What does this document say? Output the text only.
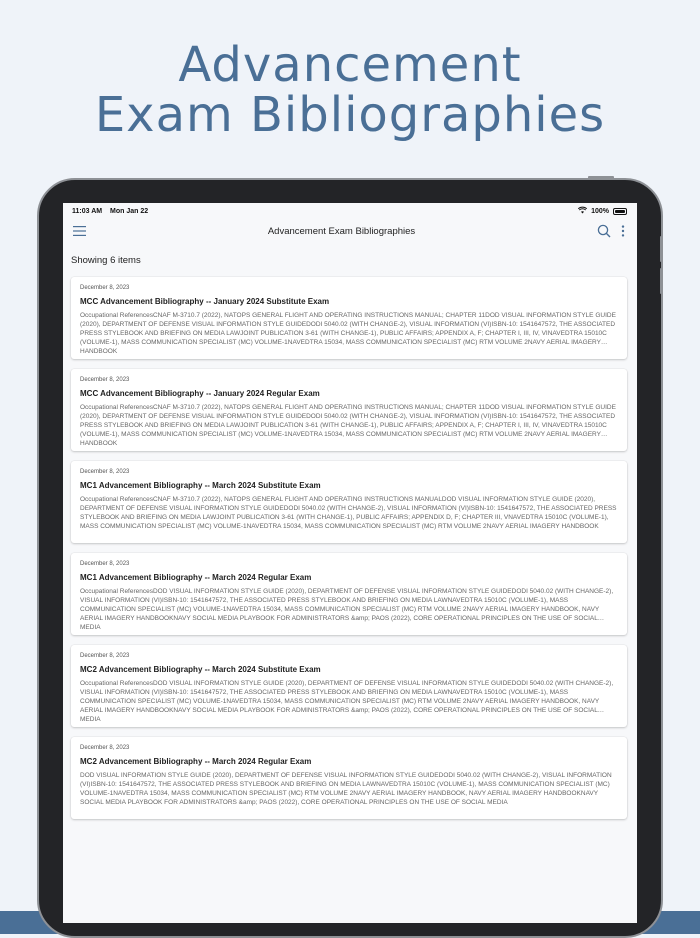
Advancement
Exam Bibliographies
11:03 AM Mon Jan 22	100%
Advancement Exam Bibliographies
Showing 6 items
December 8, 2023
MCC Advancement Bibliography -- January 2024 Substitute Exam
Occupational ReferencesCNAF M-3710.7 (2022), NATOPS GENERAL FLIGHT AND OPERATING INSTRUCTIONS MANUAL; CHAPTER 11DOD VISUAL INFORMATION STYLE GUIDE (2020), DEPARTMENT OF DEFENSE VISUAL INFORMATION STYLE GUIDEDODI 5040.02 (WITH CHANGE-2), VISUAL INFORMATION (VI)ISBN-10: 1541647572, THE ASSOCIATED PRESS STYLEBOOK AND BRIEFING ON MEDIA LAWJOINT PUBLICATION 3-61 (WITH CHANGE-1), PUBLIC AFFAIRS; APPENDIX A, F; CHAPTER I, III, IV, VINAVEDTRA 15010C (VOLUME-1), MASS COMMUNICATION SPECIALIST (MC) VOLUME-1NAVEDTRA 15034, MASS COMMUNICATION SPECIALIST (MC) RTM VOLUME 2NAVY AERIAL IMAGERY HANDBOOK
December 8, 2023
MCC Advancement Bibliography -- January 2024 Regular Exam
Occupational ReferencesCNAF M-3710.7 (2022), NATOPS GENERAL FLIGHT AND OPERATING INSTRUCTIONS MANUAL; CHAPTER 11DOD VISUAL INFORMATION STYLE GUIDE (2020), DEPARTMENT OF DEFENSE VISUAL INFORMATION STYLE GUIDEDODI 5040.02 (WITH CHANGE-2), VISUAL INFORMATION (VI)ISBN-10: 1541647572, THE ASSOCIATED PRESS STYLEBOOK AND BRIEFING ON MEDIA LAWJOINT PUBLICATION 3-61 (WITH CHANGE-1), PUBLIC AFFAIRS; APPENDIX A, F; CHAPTER I, III, IV, VINAVEDTRA 15010C (VOLUME-1), MASS COMMUNICATION SPECIALIST (MC) VOLUME-1NAVEDTRA 15034, MASS COMMUNICATION SPECIALIST (MC) RTM VOLUME 2NAVY AERIAL IMAGERY HANDBOOK
December 8, 2023
MC1 Advancement Bibliography -- March 2024 Substitute Exam
Occupational ReferencesCNAF M-3710.7 (2022), NATOPS GENERAL FLIGHT AND OPERATING INSTRUCTIONS MANUALDOD VISUAL INFORMATION STYLE GUIDE (2020), DEPARTMENT OF DEFENSE VISUAL INFORMATION STYLE GUIDEDODI 5040.02 (WITH CHANGE-2), VISUAL INFORMATION (VI)ISBN-10: 1541647572, THE ASSOCIATED PRESS STYLEBOOK AND BRIEFING ON MEDIA LAWJOINT PUBLICATION 3-61 (WITH CHANGE-1), PUBLIC AFFAIRS; APPENDIX D, F; CHAPTER III, VNAVEDTRA 15010C (VOLUME-1), MASS COMMUNICATION SPECIALIST (MC) VOLUME-1NAVEDTRA 15034, MASS COMMUNICATION SPECIALIST (MC) RTM VOLUME 2NAVY AERIAL IMAGERY HANDBOOK
December 8, 2023
MC1 Advancement Bibliography -- March 2024 Regular Exam
Occupational ReferencesDOD VISUAL INFORMATION STYLE GUIDE (2020), DEPARTMENT OF DEFENSE VISUAL INFORMATION STYLE GUIDEDODI 5040.02 (WITH CHANGE-2), VISUAL INFORMATION (VI)ISBN-10: 1541647572, THE ASSOCIATED PRESS STYLEBOOK AND BRIEFING ON MEDIA LAWNAVEDTRA 15010C (VOLUME-1), MASS COMMUNICATION SPECIALIST (MC) VOLUME-1NAVEDTRA 15034, MASS COMMUNICATION SPECIALIST (MC) RTM VOLUME 2NAVY AERIAL IMAGERY HANDBOOK, NAVY AERIAL IMAGERY HANDBOOKNAVY SOCIAL MEDIA PLAYBOOK FOR ADMINISTRATORS &amp; PAOS (2022), CORE OPERATIONAL PRINCIPLES ON THE USE OF SOCIAL MEDIA
December 8, 2023
MC2 Advancement Bibliography -- March 2024 Substitute Exam
Occupational ReferencesDOD VISUAL INFORMATION STYLE GUIDE (2020), DEPARTMENT OF DEFENSE VISUAL INFORMATION STYLE GUIDEDODI 5040.02 (WITH CHANGE-2), VISUAL INFORMATION (VI)ISBN-10: 1541647572, THE ASSOCIATED PRESS STYLEBOOK AND BRIEFING ON MEDIA LAWNAVEDTRA 15010C (VOLUME-1), MASS COMMUNICATION SPECIALIST (MC) VOLUME-1NAVEDTRA 15034, MASS COMMUNICATION SPECIALIST (MC) RTM VOLUME 2NAVY AERIAL IMAGERY HANDBOOK, NAVY AERIAL IMAGERY HANDBOOKNAVY SOCIAL MEDIA PLAYBOOK FOR ADMINISTRATORS &amp; PAOS (2022), CORE OPERATIONAL PRINCIPLES ON THE USE OF SOCIAL MEDIA
December 8, 2023
MC2 Advancement Bibliography -- March 2024 Regular Exam
DOD VISUAL INFORMATION STYLE GUIDE (2020), DEPARTMENT OF DEFENSE VISUAL INFORMATION STYLE GUIDEDODI 5040.02 (WITH CHANGE-2), VISUAL INFORMATION (VI)ISBN-10: 1541647572, THE ASSOCIATED PRESS STYLEBOOK AND BRIEFING ON MEDIA LAWNAVEDTRA 15010C (VOLUME-1), MASS COMMUNICATION SPECIALIST (MC) VOLUME-1NAVEDTRA 15034, MASS COMMUNICATION SPECIALIST (MC) RTM VOLUME 2NAVY AERIAL IMAGERY HANDBOOK, NAVY AERIAL IMAGERY HANDBOOKNAVY SOCIAL MEDIA PLAYBOOK FOR ADMINISTRATORS &amp; PAOS (2022), CORE OPERATIONAL PRINCIPLES ON THE USE OF SOCIAL MEDIA
